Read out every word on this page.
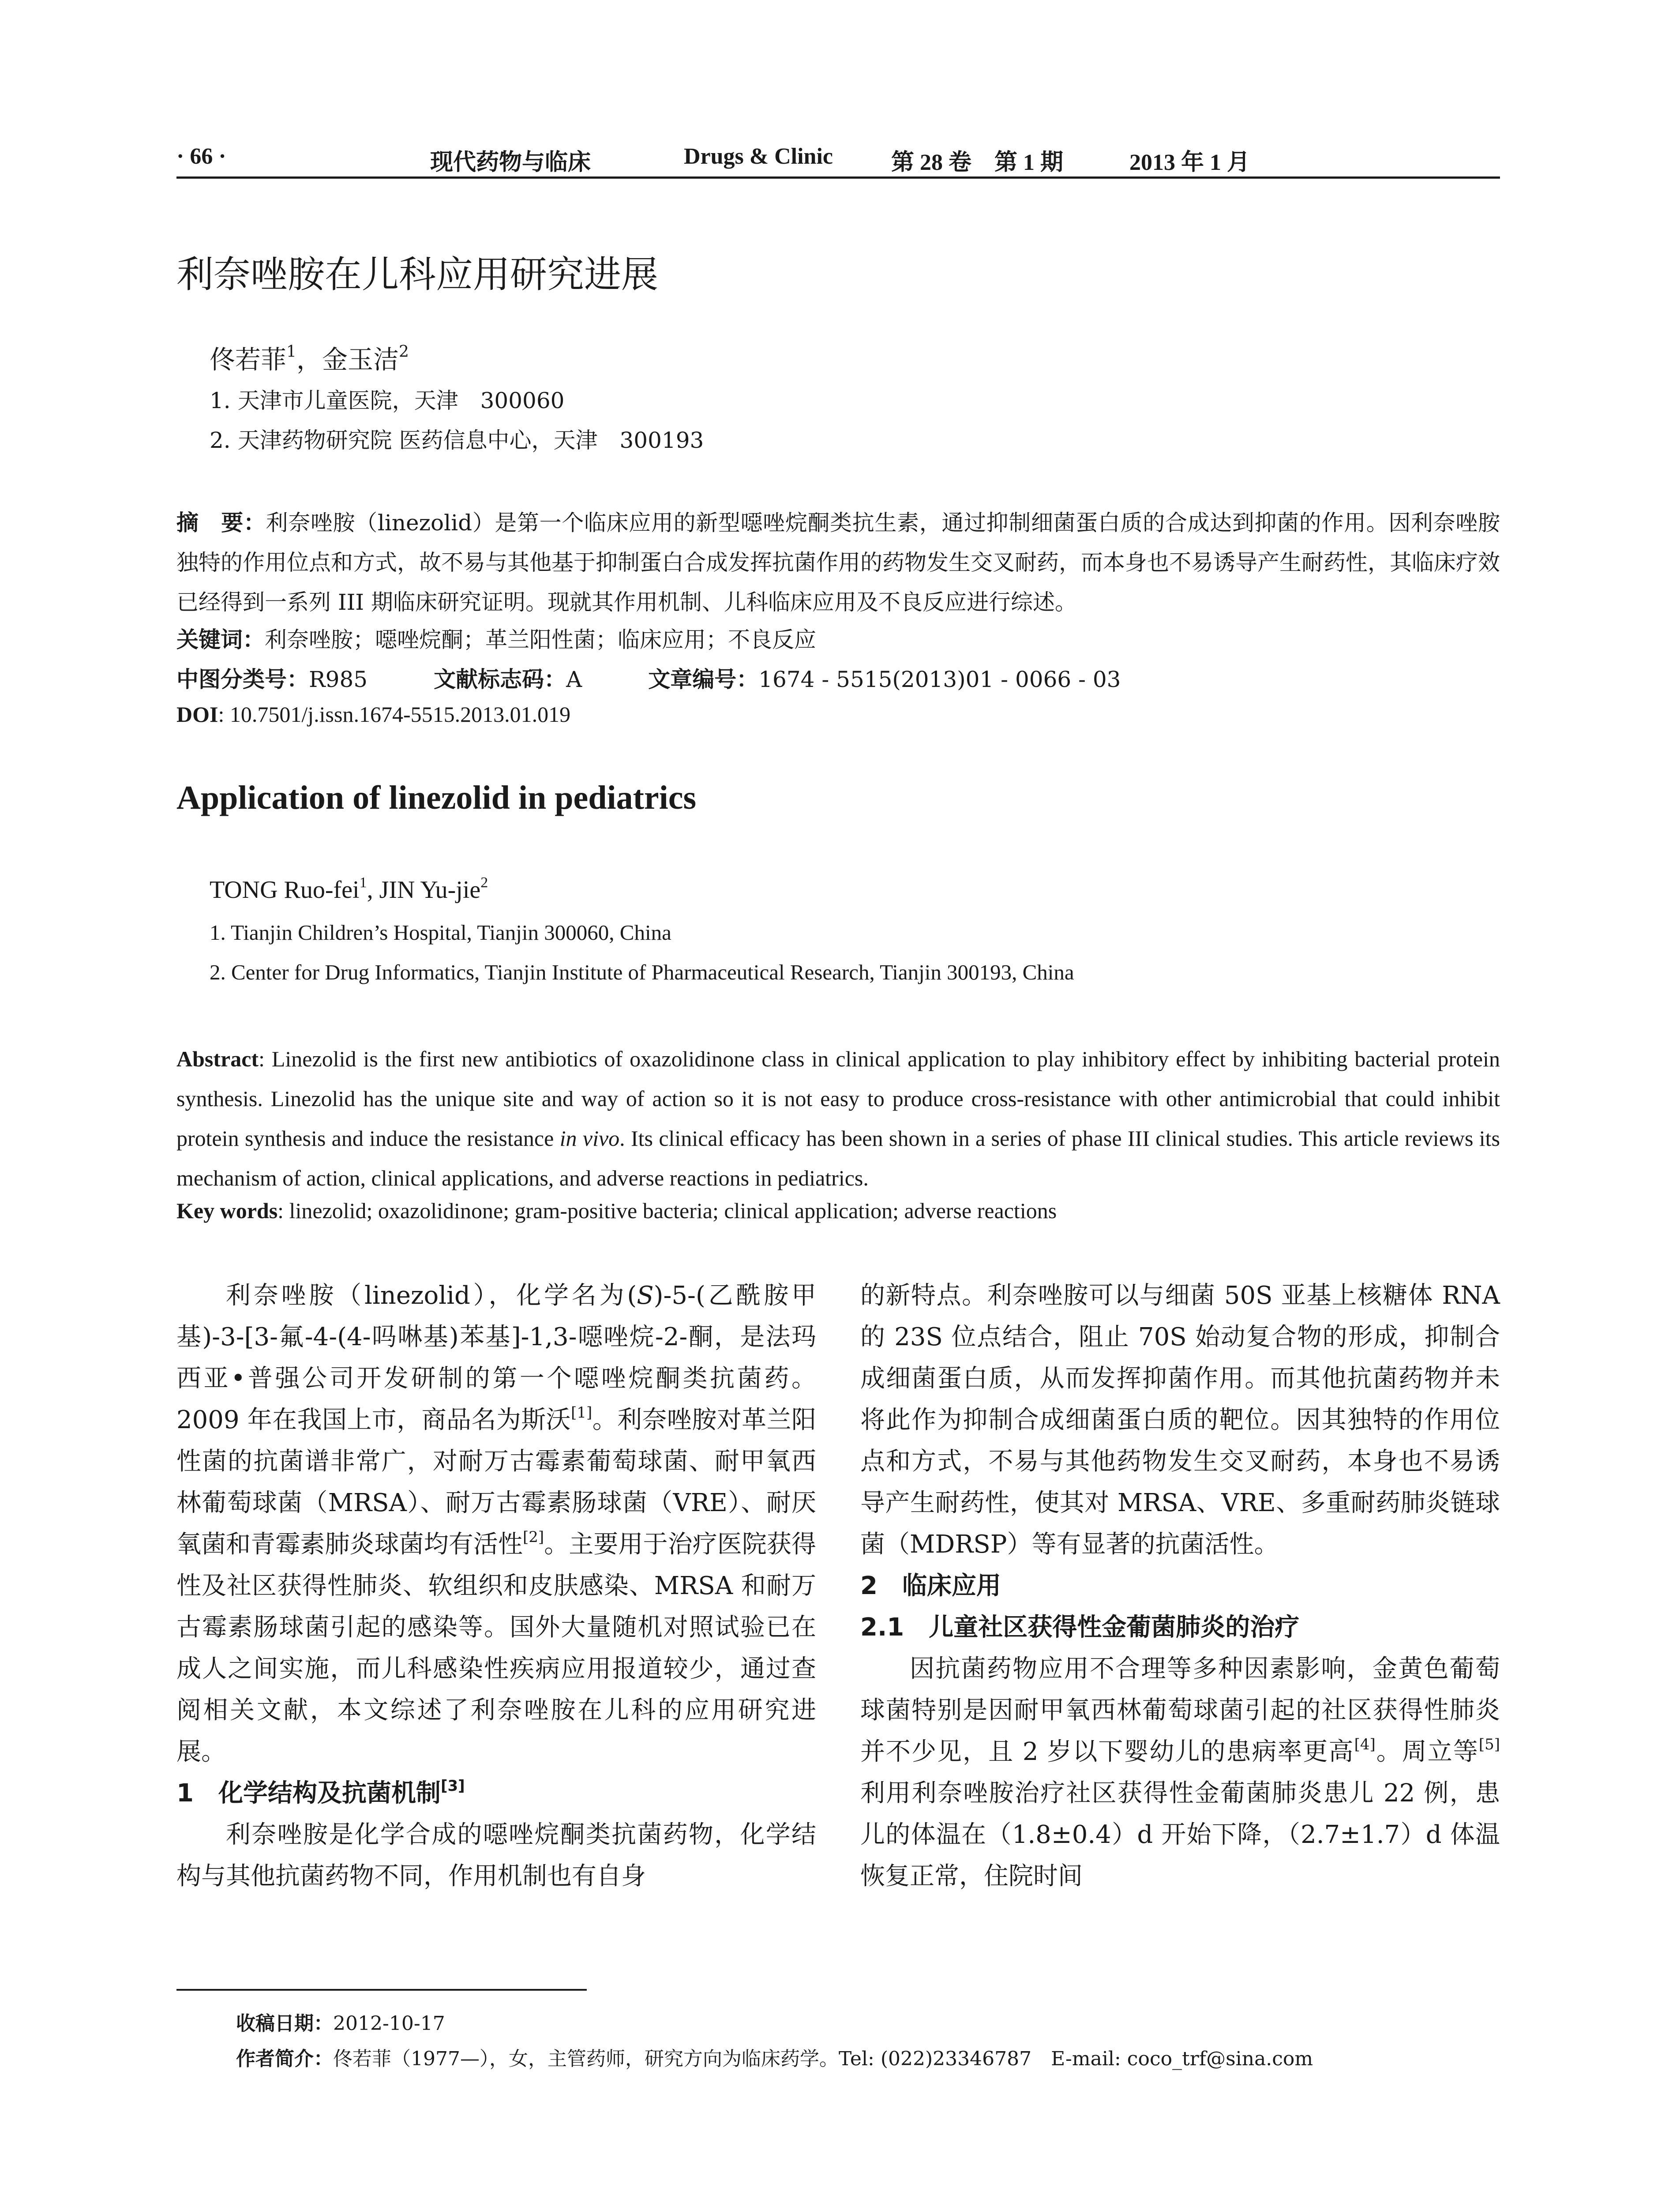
· 66 ·	现代药物与临床	Drugs & Clinic	第 28 卷　第 1 期	2013 年 1 月
利奈唑胺在儿科应用研究进展
佟若菲$^1$，金玉洁$^2$
1. 天津市儿童医院，天津　300060
2. 天津药物研究院 医药信息中心，天津　300193
摘　要：利奈唑胺（linezolid）是第一个临床应用的新型噁唑烷酮类抗生素，通过抑制细菌蛋白质的合成达到抑菌的作用。因利奈唑胺独特的作用位点和方式，故不易与其他基于抑制蛋白合成发挥抗菌作用的药物发生交叉耐药，而本身也不易诱导产生耐药性，其临床疗效已经得到一系列 III 期临床研究证明。现就其作用机制、儿科临床应用及不良反应进行综述。
关键词：利奈唑胺；噁唑烷酮；革兰阳性菌；临床应用；不良反应
中图分类号：R985	文献标志码：A	文章编号：1674 - 5515(2013)01 - 0066 - 03
DOI: 10.7501/j.issn.1674-5515.2013.01.019
Application of linezolid in pediatrics
TONG Ruo-fei$^1$, JIN Yu-jie$^2$
1. Tianjin Children’s Hospital, Tianjin 300060, China
2. Center for Drug Informatics, Tianjin Institute of Pharmaceutical Research, Tianjin 300193, China
Abstract: Linezolid is the first new antibiotics of oxazolidinone class in clinical application to play inhibitory effect by inhibiting bacterial protein synthesis. Linezolid has the unique site and way of action so it is not easy to produce cross-resistance with other antimicrobial that could inhibit protein synthesis and induce the resistance in vivo. Its clinical efficacy has been shown in a series of phase III clinical studies. This article reviews its mechanism of action, clinical applications, and adverse reactions in pediatrics.
Key words: linezolid; oxazolidinone; gram-positive bacteria; clinical application; adverse reactions

利奈唑胺（linezolid），化学名为(S)-5-(乙酰胺甲基)-3-[3-氟-4-(4-吗啉基)苯基]-1,3-噁唑烷-2-酮，是法玛西亚•普强公司开发研制的第一个噁唑烷酮类抗菌药。2009 年在我国上市，商品名为斯沃[1]。利奈唑胺对革兰阳性菌的抗菌谱非常广，对耐万古霉素葡萄球菌、耐甲氧西林葡萄球菌（MRSA）、耐万古霉素肠球菌（VRE）、耐厌氧菌和青霉素肺炎球菌均有活性[2]。主要用于治疗医院获得性及社区获得性肺炎、软组织和皮肤感染、MRSA 和耐万古霉素肠球菌引起的感染等。国外大量随机对照试验已在成人之间实施，而儿科感染性疾病应用报道较少，通过查阅相关文献，本文综述了利奈唑胺在儿科的应用研究进展。

1　化学结构及抗菌机制[3]

利奈唑胺是化学合成的噁唑烷酮类抗菌药物，化学结构与其他抗菌药物不同，作用机制也有自身

的新特点。利奈唑胺可以与细菌 50S 亚基上核糖体 RNA 的 23S 位点结合，阻止 70S 始动复合物的形成，抑制合成细菌蛋白质，从而发挥抑菌作用。而其他抗菌药物并未将此作为抑制合成细菌蛋白质的靶位。因其独特的作用位点和方式，不易与其他药物发生交叉耐药，本身也不易诱导产生耐药性，使其对 MRSA、VRE、多重耐药肺炎链球菌（MDRSP）等有显著的抗菌活性。

2　临床应用

2.1　儿童社区获得性金葡菌肺炎的治疗

因抗菌药物应用不合理等多种因素影响，金黄色葡萄球菌特别是因耐甲氧西林葡萄球菌引起的社区获得性肺炎并不少见，且 2 岁以下婴幼儿的患病率更高[4]。周立等[5]利用利奈唑胺治疗社区获得性金葡菌肺炎患儿 22 例，患儿的体温在（1.8±0.4）d 开始下降，（2.7±1.7）d 体温恢复正常，住院时间

收稿日期：2012-10-17
作者简介：佟若菲（1977—），女，主管药师，研究方向为临床药学。Tel: (022)23346787　E-mail: coco_trf@sina.com
